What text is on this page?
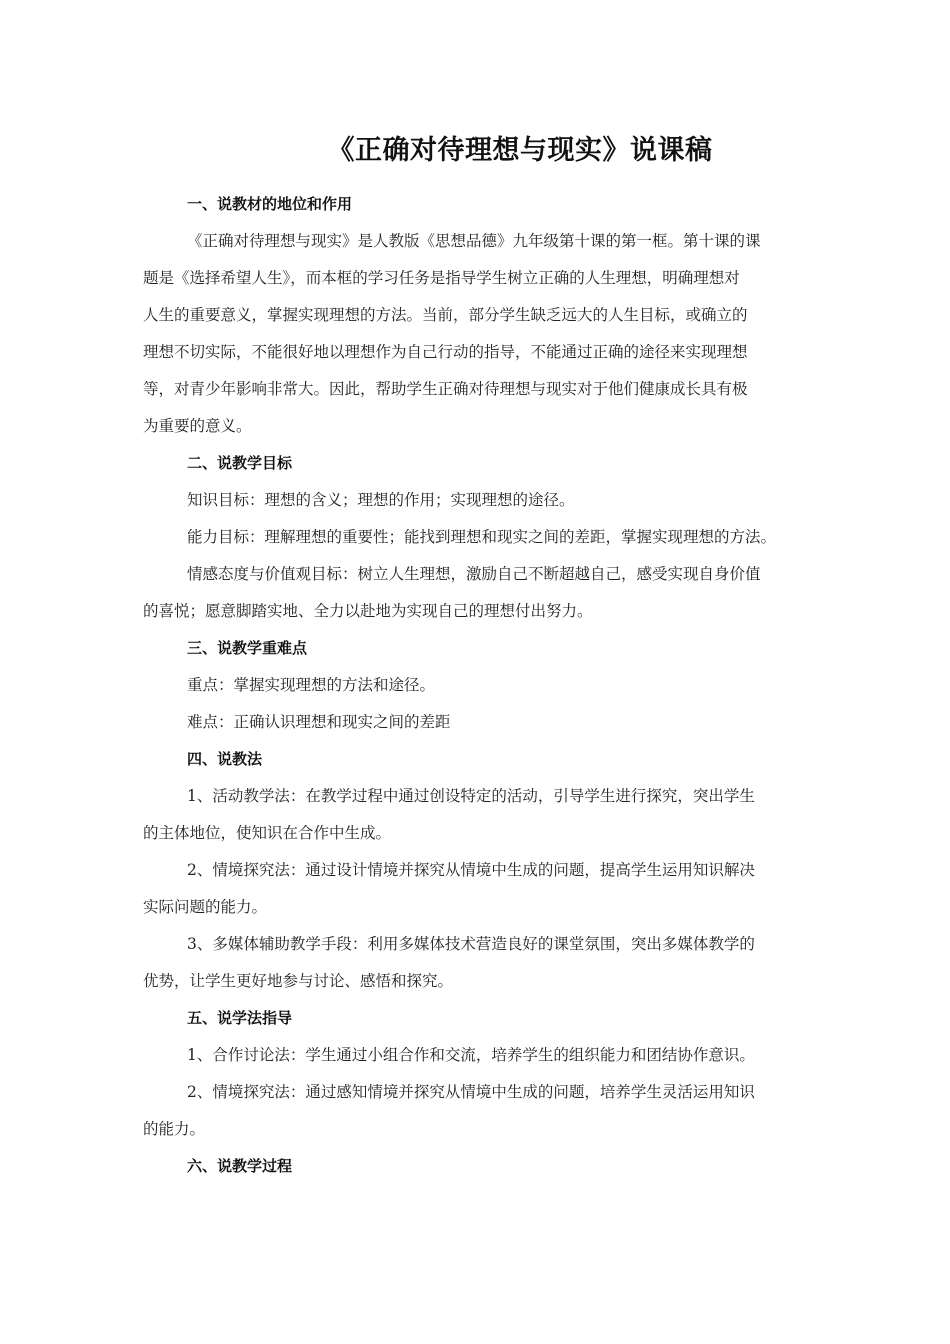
《正确对待理想与现实》说课稿
一、说教材的地位和作用
《正确对待理想与现实》是人教版《思想品德》九年级第十课的第一框。第十课的课
题是《选择希望人生》，而本框的学习任务是指导学生树立正确的人生理想，明确理想对
人生的重要意义，掌握实现理想的方法。当前，部分学生缺乏远大的人生目标，或确立的
理想不切实际，不能很好地以理想作为自己行动的指导，不能通过正确的途径来实现理想
等，对青少年影响非常大。因此，帮助学生正确对待理想与现实对于他们健康成长具有极
为重要的意义。
二、说教学目标
知识目标：理想的含义；理想的作用；实现理想的途径。
能力目标：理解理想的重要性；能找到理想和现实之间的差距，掌握实现理想的方法。
情感态度与价值观目标：树立人生理想，激励自己不断超越自己，感受实现自身价值
的喜悦；愿意脚踏实地、全力以赴地为实现自己的理想付出努力。
三、说教学重难点
重点：掌握实现理想的方法和途径。
难点：正确认识理想和现实之间的差距
四、说教法
1、活动教学法：在教学过程中通过创设特定的活动，引导学生进行探究，突出学生
的主体地位，使知识在合作中生成。
2、情境探究法：通过设计情境并探究从情境中生成的问题，提高学生运用知识解决
实际问题的能力。
3、多媒体辅助教学手段：利用多媒体技术营造良好的课堂氛围，突出多媒体教学的
优势，让学生更好地参与讨论、感悟和探究。
五、说学法指导
1、合作讨论法：学生通过小组合作和交流，培养学生的组织能力和团结协作意识。
2、情境探究法：通过感知情境并探究从情境中生成的问题，培养学生灵活运用知识
的能力。
六、说教学过程
